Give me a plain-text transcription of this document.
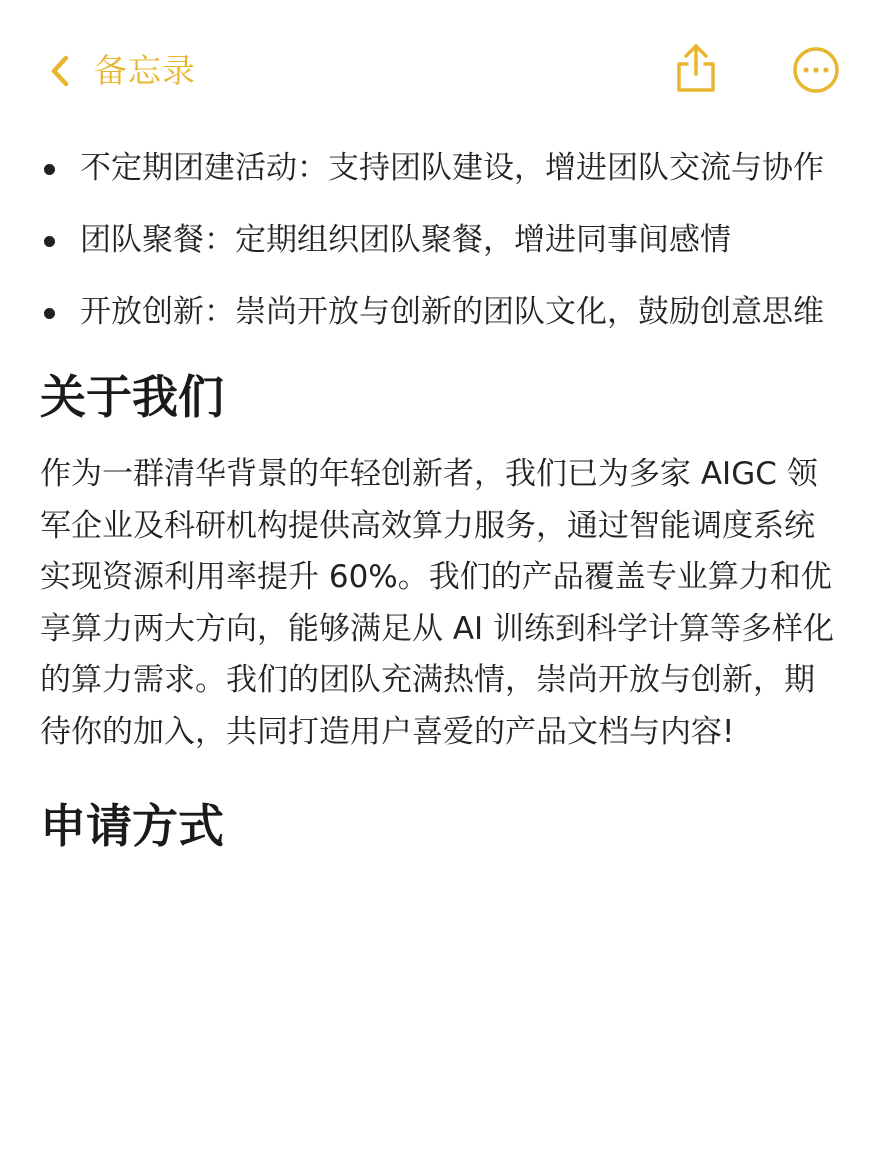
备忘录
不定期团建活动：支持团队建设，增进团队交流与协作
团队聚餐：定期组织团队聚餐，增进同事间感情
开放创新：崇尚开放与创新的团队文化，鼓励创意思维
关于我们

作为一群清华背景的年轻创新者，我们已为多家 AIGC 领军企业及科研机构提供高效算力服务，通过智能调度系统实现资源利用率提升 60%。我们的产品覆盖专业算力和优享算力两大方向，能够满足从 AI 训练到科学计算等多样化的算力需求。我们的团队充满热情，崇尚开放与创新，期待你的加入，共同打造用户喜爱的产品文档与内容!

申请方式
